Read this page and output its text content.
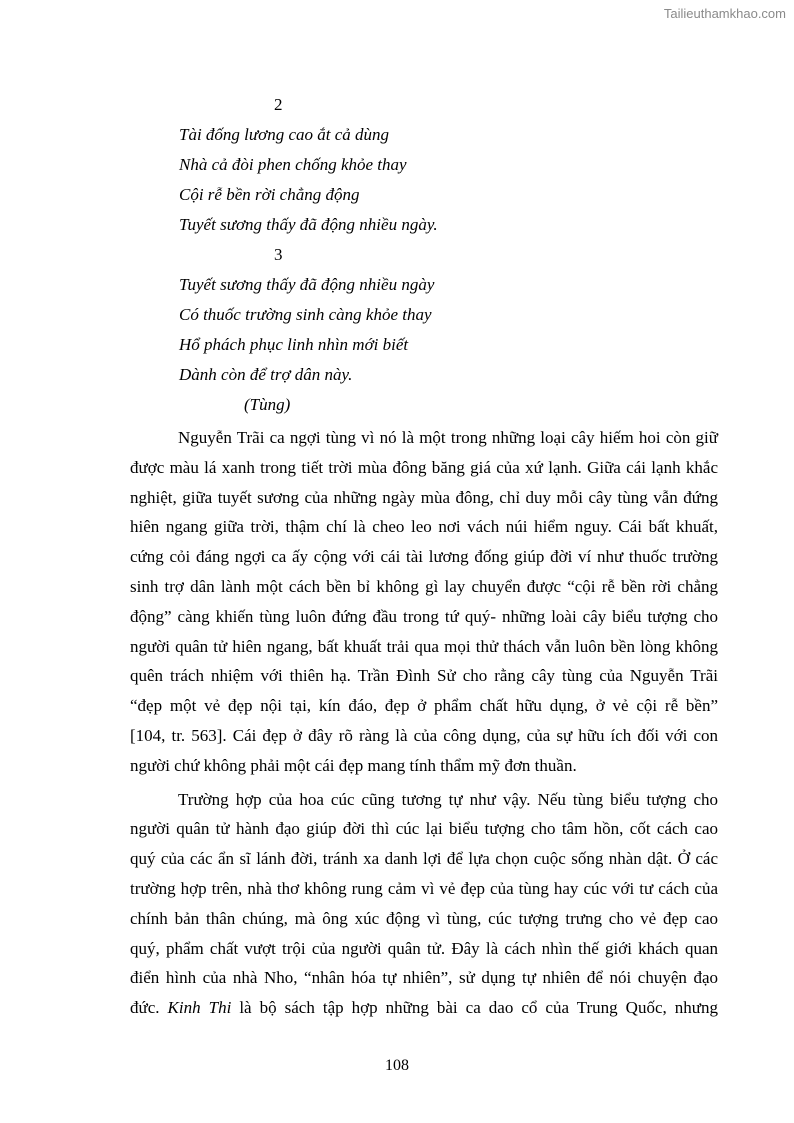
Tailieuthamkhao.com
2
Tài đống lương cao ắt cả dùng
Nhà cả đòi phen chống khỏe thay
Cội rễ bền rời chẳng động
Tuyết sương thấy đã động nhiều ngày.
3
Tuyết sương thấy đã động nhiều ngày
Có thuốc trường sinh càng khỏe thay
Hổ phách phục linh nhìn mới biết
Dành còn để trợ dân này.
(Tùng)
Nguyễn Trãi ca ngợi tùng vì nó là một trong những loại cây hiếm hoi còn giữ
được màu lá xanh trong tiết trời mùa đông băng giá của xứ lạnh. Giữa cái lạnh khắc
nghiệt, giữa tuyết sương của những ngày mùa đông, chỉ duy mỗi cây tùng vẫn đứng
hiên ngang giữa trời, thậm chí là cheo leo nơi vách núi hiểm nguy. Cái bất khuất,
cứng cỏi đáng ngợi ca ấy cộng với cái tài lương đống giúp đời ví như thuốc trường
sinh trợ dân lành một cách bền bỉ không gì lay chuyển được “cội rễ bền rời chẳng
động” càng khiến tùng luôn đứng đầu trong tứ quý- những loài cây biểu tượng cho
người quân tử hiên ngang, bất khuất trải qua mọi thử thách vẫn luôn bền lòng không
quên trách nhiệm với thiên hạ. Trần Đình Sử cho rằng cây tùng của Nguyễn Trãi
“đẹp một vẻ đẹp nội tại, kín đáo, đẹp ở phẩm chất hữu dụng, ở vẻ cội rễ bền”
[104, tr. 563]. Cái đẹp ở đây rõ ràng là của công dụng, của sự hữu ích đối với con
người chứ không phải một cái đẹp mang tính thẩm mỹ đơn thuần.
Trường hợp của hoa cúc cũng tương tự như vậy. Nếu tùng biểu tượng cho
người quân tử hành đạo giúp đời thì cúc lại biểu tượng cho tâm hồn, cốt cách cao
quý của các ẩn sĩ lánh đời, tránh xa danh lợi để lựa chọn cuộc sống nhàn dật. Ở các
trường hợp trên, nhà thơ không rung cảm vì vẻ đẹp của tùng hay cúc với tư cách của
chính bản thân chúng, mà ông xúc động vì tùng, cúc tượng trưng cho vẻ đẹp cao
quý, phẩm chất vượt trội của người quân tử. Đây là cách nhìn thế giới khách quan
điển hình của nhà Nho, “nhân hóa tự nhiên”, sử dụng tự nhiên để nói chuyện đạo
đức. Kinh Thi là bộ sách tập hợp những bài ca dao cổ của Trung Quốc, nhưng
108
